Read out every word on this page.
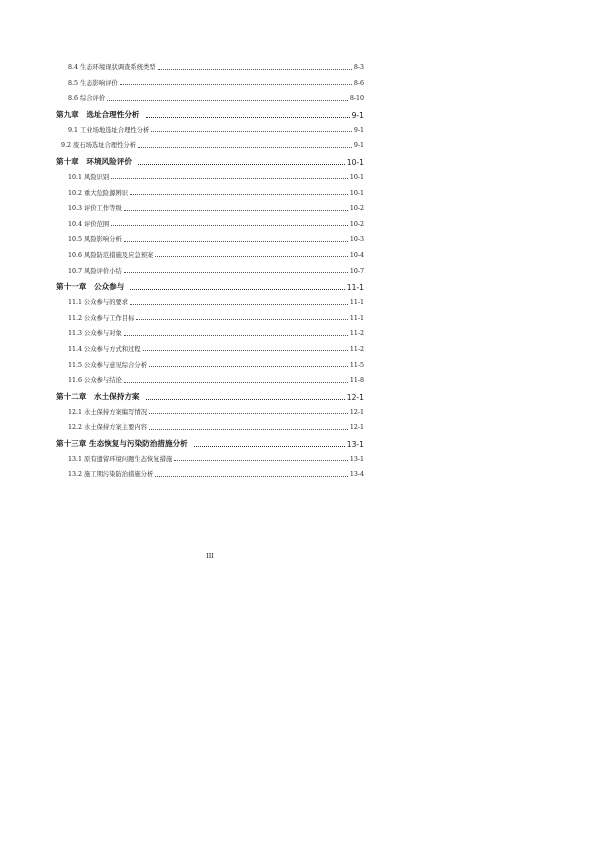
8.4 生态环境现状调查系统类型	8-3
8.5 生态影响评价	8-6
8.6 综合评价	8-10
第九章　选址合理性分析	9-1
9.1 工业场地选址合理性分析	9-1
9.2 废石场选址合理性分析	9-1
第十章　环境风险评价	10-1
10.1 风险识别	10-1
10.2 重大危险源辨识	10-1
10.3 评价工作等级	10-2
10.4 评价范围	10-2
10.5 风险影响分析	10-3
10.6 风险防范措施及应急预案	10-4
10.7 风险评价小结	10-7
第十一章　公众参与	11-1
11.1 公众参与的要求	11-1
11.2 公众参与工作目标	11-1
11.3 公众参与对象	11-2
11.4 公众参与方式和过程	11-2
11.5 公众参与意见综合分析	11-5
11.6 公众参与结论	11-8
第十二章　水土保持方案	12-1
12.1 水土保持方案编写情况	12-1
12.2 水土保持方案主要内容	12-1
第十三章 生态恢复与污染防治措施分析	13-1
13.1 原有遗留环境问题生态恢复措施	13-1
13.2 施工期污染防治措施分析	13-4
III
